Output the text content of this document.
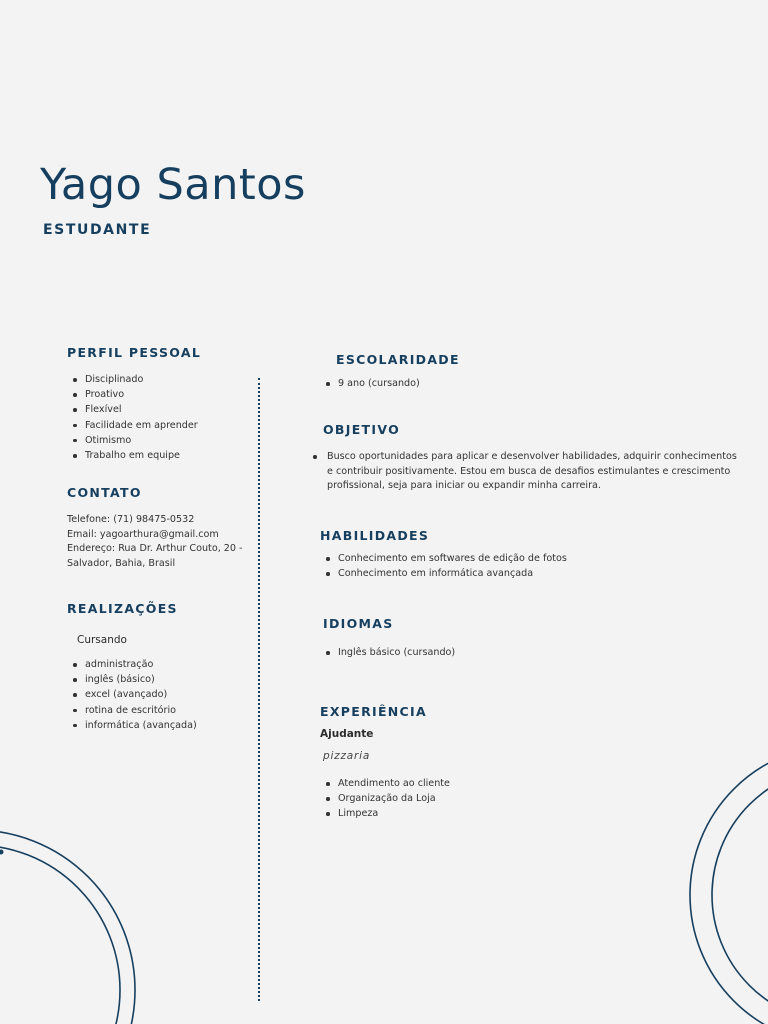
Yago Santos
ESTUDANTE
PERFIL PESSOAL
Disciplinado
Proativo
Flexível
Facilidade em aprender
Otimismo
Trabalho em equipe
CONTATO

Telefone: (71) 98475-0532

Email: yagoarthura@gmail.com

Endereço: Rua Dr. Arthur Couto, 20 -

Salvador, Bahia, Brasil

REALIZAÇÕES

Cursando

administração
inglês (básico)
excel (avançado)
rotina de escritório
informática (avançada)
ESCOLARIDADE
9 ano (cursando)
OBJETIVO

Busco oportunidades para aplicar e desenvolver habilidades, adquirir conhecimentos

e contribuir positivamente. Estou em busca de desafios estimulantes e crescimento

profissional, seja para iniciar ou expandir minha carreira.

HABILIDADES
Conhecimento em softwares de edição de fotos
Conhecimento em informática avançada
IDIOMAS
Inglês básico (cursando)
EXPERIÊNCIA

Ajudante

pizzaria

Atendimento ao cliente
Organização da Loja
Limpeza
